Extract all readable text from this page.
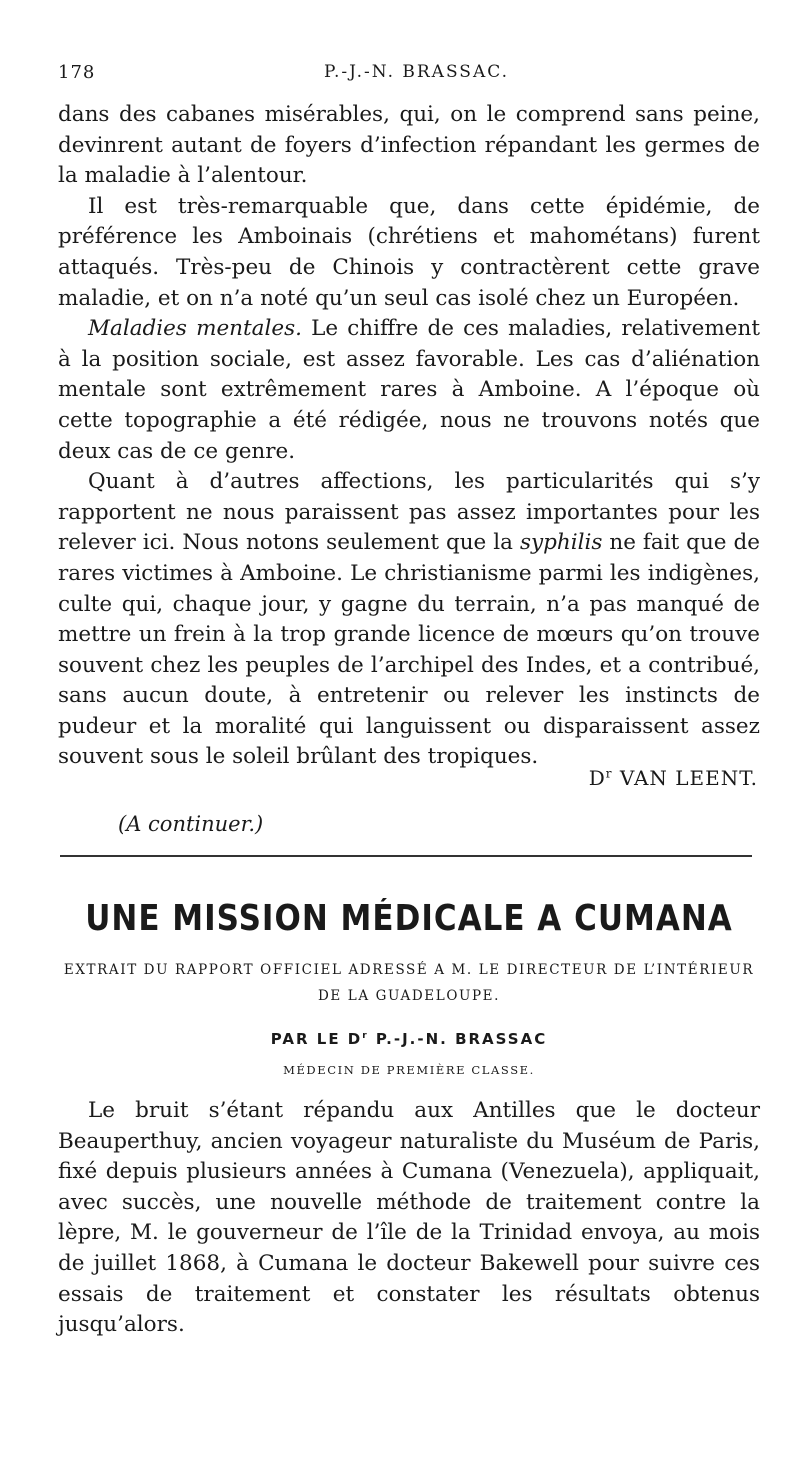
178	P.-J.-N. BRASSAC.

dans des cabanes misérables, qui, on le comprend sans peine, devinrent autant de foyers d’infection répandant les germes de la maladie à l’alentour.

Il est très-remarquable que, dans cette épidémie, de préférence les Amboinais (chrétiens et mahométans) furent attaqués. Très-peu de Chinois y contractèrent cette grave maladie, et on n’a noté qu’un seul cas isolé chez un Européen.

Maladies mentales. Le chiffre de ces maladies, relativement à la position sociale, est assez favorable. Les cas d’aliénation mentale sont extrêmement rares à Amboine. A l’époque où cette topographie a été rédigée, nous ne trouvons notés que deux cas de ce genre.

Quant à d’autres affections, les particularités qui s’y rapportent ne nous paraissent pas assez importantes pour les relever ici. Nous notons seulement que la syphilis ne fait que de rares victimes à Amboine. Le christianisme parmi les indigènes, culte qui, chaque jour, y gagne du terrain, n’a pas manqué de mettre un frein à la trop grande licence de mœurs qu’on trouve souvent chez les peuples de l’archipel des Indes, et a contribué, sans aucun doute, à entretenir ou relever les instincts de pudeur et la moralité qui languissent ou disparaissent assez souvent sous le soleil brûlant des tropiques.

$D^r$ VAN LEENT.
(A continuer.)
UNE MISSION MÉDICALE A CUMANA
EXTRAIT DU RAPPORT OFFICIEL ADRESSÉ A M. LE DIRECTEUR DE L’INTÉRIEUR
DE LA GUADELOUPE.
PAR LE $D^r$ P.-J.-N. BRASSAC
MÉDECIN DE PREMIÈRE CLASSE.

Le bruit s’étant répandu aux Antilles que le docteur Beauperthuy, ancien voyageur naturaliste du Muséum de Paris, fixé depuis plusieurs années à Cumana (Venezuela), appliquait, avec succès, une nouvelle méthode de traitement contre la lèpre, M. le gouverneur de l’île de la Trinidad envoya, au mois de juillet 1868, à Cumana le docteur Bakewell pour suivre ces essais de traitement et constater les résultats obtenus jusqu’alors.
